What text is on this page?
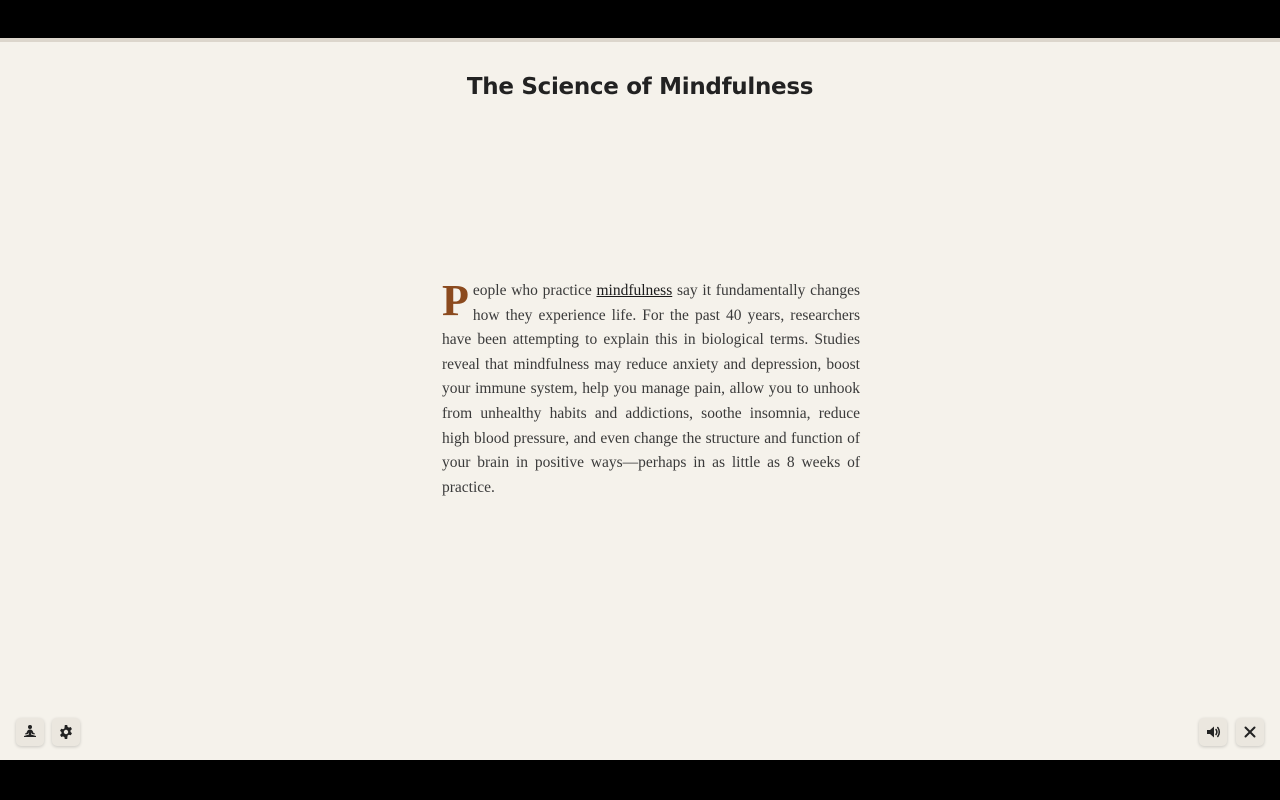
The Science of Mindfulness

People who practice mindfulness say it fundamentally changes how they experience life. For the past 40 years, researchers have been attempting to explain this in biological terms. Studies reveal that mindfulness may reduce anxiety and depression, boost your immune system, help you manage pain, allow you to unhook from unhealthy habits and addictions, soothe insomnia, reduce high blood pressure, and even change the structure and function of your brain in positive ways—perhaps in as little as 8 weeks of practice.
